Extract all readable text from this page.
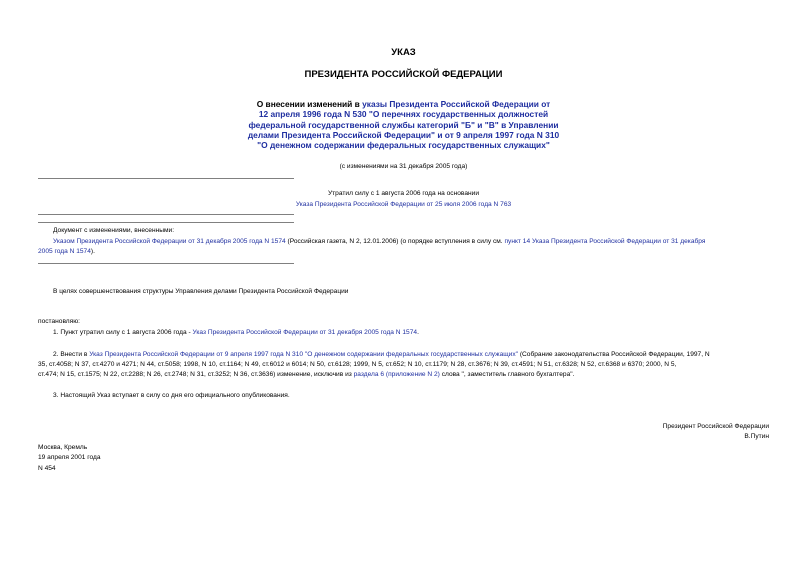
УКАЗ
ПРЕЗИДЕНТА РОССИЙСКОЙ ФЕДЕРАЦИИ
О внесении изменений в указы Президента Российской Федерации от
12 апреля 1996 года N 530 "О перечнях государственных должностей
федеральной государственной службы категорий "Б" и "В" в Управлении
делами Президента Российской Федерации" и от 9 апреля 1997 года N 310
"О денежном содержании федеральных государственных служащих"
(с изменениями на 31 декабря 2005 года)
Утратил силу с 1 августа 2006 года на основании
Указа Президента Российской Федерации от 25 июля 2006 года N 763
Документ с изменениями, внесенными:
Указом Президента Российской Федерации от 31 декабря 2005 года N 1574 (Российская газета, N 2, 12.01.2006) (о порядке вступления в силу см. пункт 14 Указа Президента Российской Федерации от 31 декабря
2005 года N 1574).
В целях совершенствования структуры Управления делами Президента Российской Федерации
постановляю:
1. Пункт утратил силу с 1 августа 2006 года - Указ Президента Российской Федерации от 31 декабря 2005 года N 1574.
2. Внести в Указ Президента Российской Федерации от 9 апреля 1997 года N 310 "О денежном содержании федеральных государственных служащих" (Собрание законодательства Российской Федерации, 1997, N
35, ст.4058; N 37, ст.4270 и 4271; N 44, ст.5058; 1998, N 10, ст.1164; N 49, ст.6012 и 6014; N 50, ст.6128; 1999, N 5, ст.652; N 10, ст.1179; N 28, ст.3676; N 39, ст.4591; N 51, ст.6328; N 52, ст.6368 и 6370; 2000, N 5,
ст.474; N 15, ст.1575; N 22, ст.2288; N 26, ст.2748; N 31, ст.3252; N 36, ст.3636) изменение, исключив из раздела 6 (приложение N 2) слова ", заместитель главного бухгалтера".
3. Настоящий Указ вступает в силу со дня его официального опубликования.
Президент Российской Федерации
В.Путин
Москва, Кремль
19 апреля 2001 года
N 454
